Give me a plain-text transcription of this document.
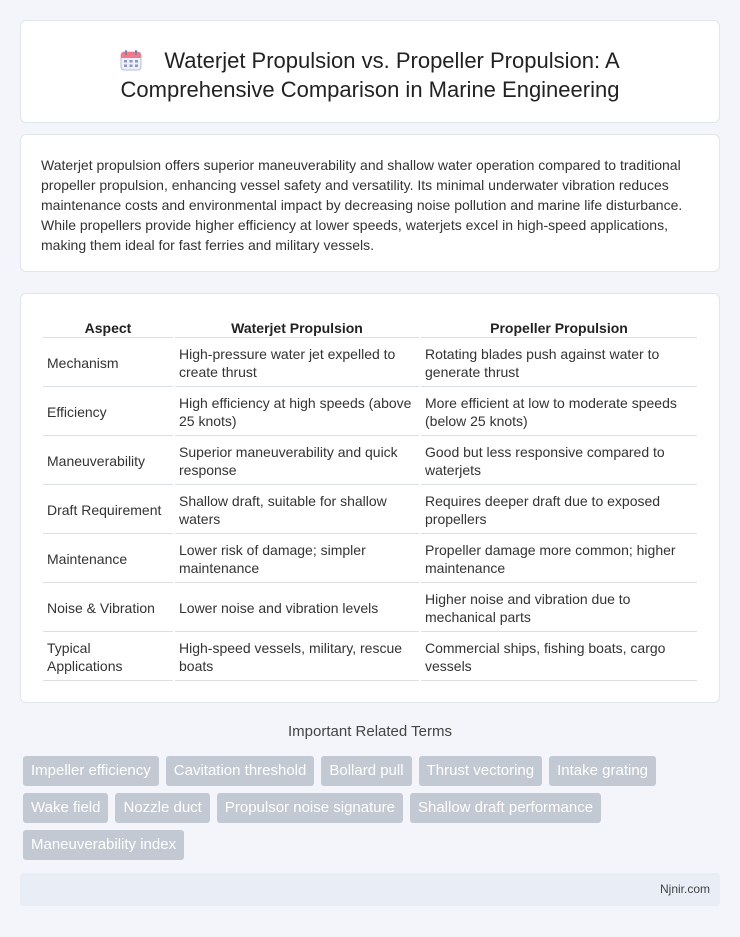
Waterjet Propulsion vs. Propeller Propulsion: A Comprehensive Comparison in Marine Engineering

Waterjet propulsion offers superior maneuverability and shallow water operation compared to traditional propeller propulsion, enhancing vessel safety and versatility. Its minimal underwater vibration reduces maintenance costs and environmental impact by decreasing noise pollution and marine life disturbance. While propellers provide higher efficiency at lower speeds, waterjets excel in high-speed applications, making them ideal for fast ferries and military vessels.

Aspect	Waterjet Propulsion	Propeller Propulsion
Mechanism	High-pressure water jet expelled to create thrust	Rotating blades push against water to generate thrust
Efficiency	High efficiency at high speeds (above 25 knots)	More efficient at low to moderate speeds (below 25 knots)
Maneuverability	Superior maneuverability and quick response	Good but less responsive compared to waterjets
Draft Requirement	Shallow draft, suitable for shallow waters	Requires deeper draft due to exposed propellers
Maintenance	Lower risk of damage; simpler maintenance	Propeller damage more common; higher maintenance
Noise & Vibration	Lower noise and vibration levels	Higher noise and vibration due to mechanical parts
Typical Applications	High-speed vessels, military, rescue boats	Commercial ships, fishing boats, cargo vessels
Important Related Terms
Impeller efficiency Cavitation threshold Bollard pull Thrust vectoring Intake grating
Wake field Nozzle duct Propulsor noise signature Shallow draft performance
Maneuverability index
Njnir.com
